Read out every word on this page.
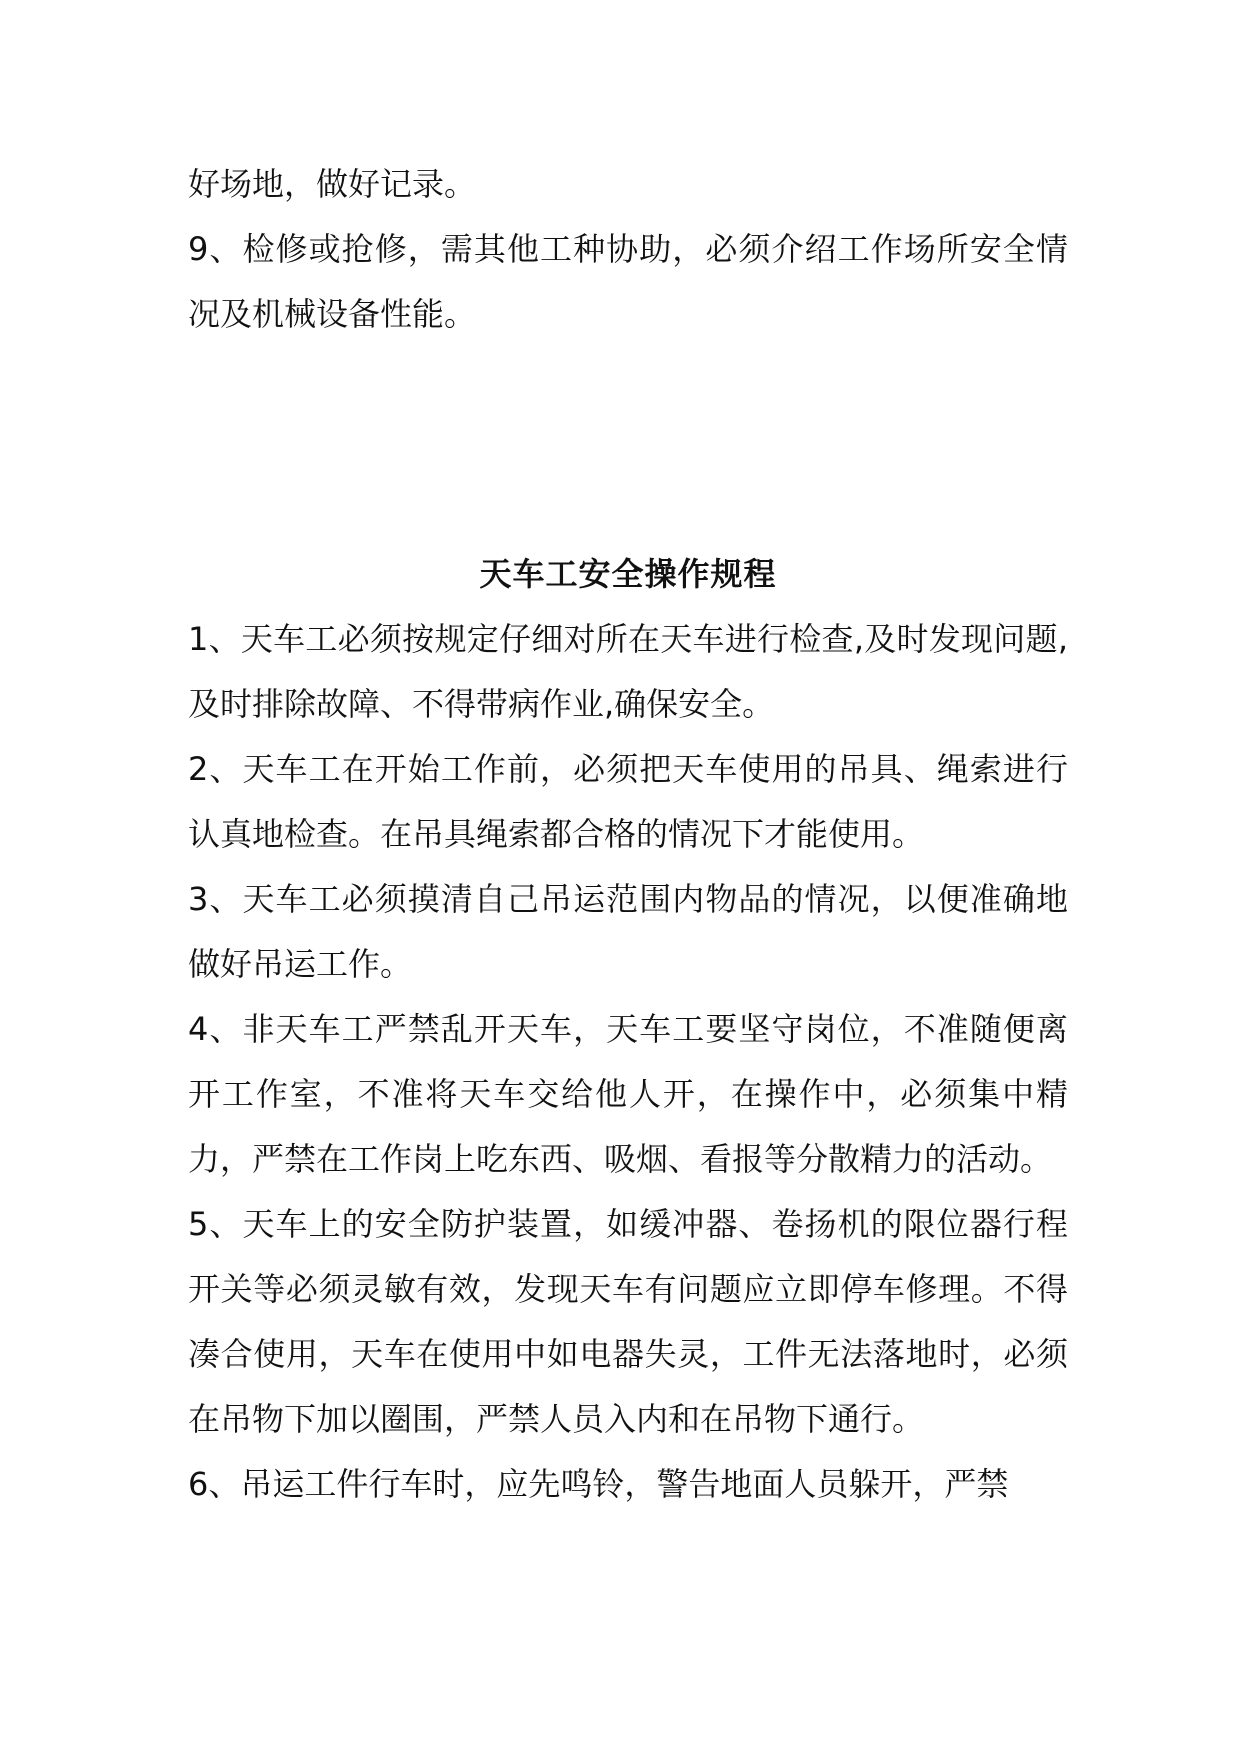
好场地，做好记录。

9、检修或抢修，需其他工种协助，必须介绍工作场所安全情况及机械设备性能。

天车工安全操作规程

1、天车工必须按规定仔细对所在天车进行检查,及时发现问题,及时排除故障、不得带病作业,确保安全。

2、天车工在开始工作前，必须把天车使用的吊具、绳索进行认真地检查。在吊具绳索都合格的情况下才能使用。

3、天车工必须摸清自己吊运范围内物品的情况，以便准确地做好吊运工作。

4、非天车工严禁乱开天车，天车工要坚守岗位，不准随便离开工作室，不准将天车交给他人开，在操作中，必须集中精力，严禁在工作岗上吃东西、吸烟、看报等分散精力的活动。

5、天车上的安全防护装置，如缓冲器、卷扬机的限位器行程开关等必须灵敏有效，发现天车有问题应立即停车修理。不得凑合使用，天车在使用中如电器失灵，工件无法落地时，必须在吊物下加以圈围，严禁人员入内和在吊物下通行。

6、吊运工件行车时，应先鸣铃，警告地面人员躲开，严禁
